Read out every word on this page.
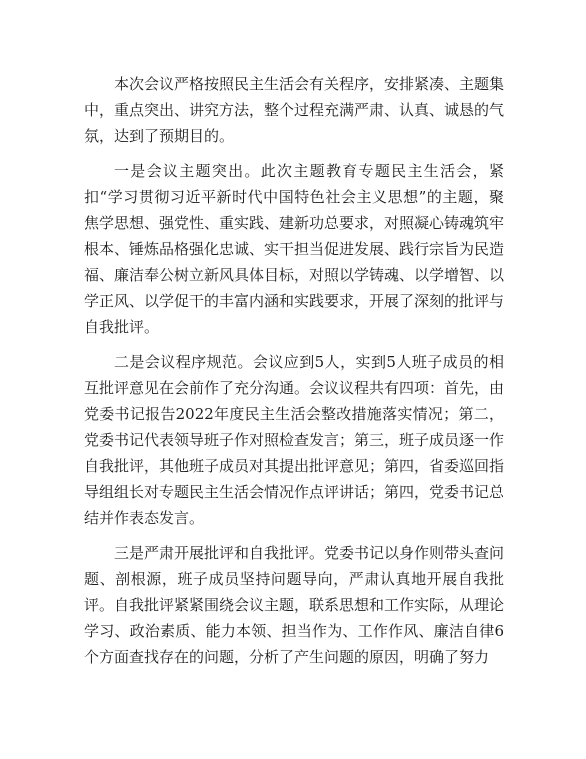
本次会议严格按照民主生活会有关程序，安排紧凑、主题集中，重点突出、讲究方法，整个过程充满严肃、认真、诚恳的气氛，达到了预期目的。

一是会议主题突出。此次主题教育专题民主生活会，紧扣“学习贯彻习近平新时代中国特色社会主义思想”的主题，聚焦学思想、强党性、重实践、建新功总要求，对照凝心铸魂筑牢根本、锤炼品格强化忠诚、实干担当促进发展、践行宗旨为民造福、廉洁奉公树立新风具体目标，对照以学铸魂、以学增智、以学正风、以学促干的丰富内涵和实践要求，开展了深刻的批评与自我批评。

二是会议程序规范。会议应到5人，实到5人班子成员的相互批评意见在会前作了充分沟通。会议议程共有四项：首先，由党委书记报告2022年度民主生活会整改措施落实情况；第二，党委书记代表领导班子作对照检查发言；第三，班子成员逐一作自我批评，其他班子成员对其提出批评意见；第四，省委巡回指导组组长对专题民主生活会情况作点评讲话；第四，党委书记总结并作表态发言。

三是严肃开展批评和自我批评。党委书记以身作则带头查问题、剖根源，班子成员坚持问题导向，严肃认真地开展自我批评。自我批评紧紧围绕会议主题，联系思想和工作实际，从理论学习、政治素质、能力本领、担当作为、工作作风、廉洁自律6个方面查找存在的问题，分析了产生问题的原因，明确了努力
